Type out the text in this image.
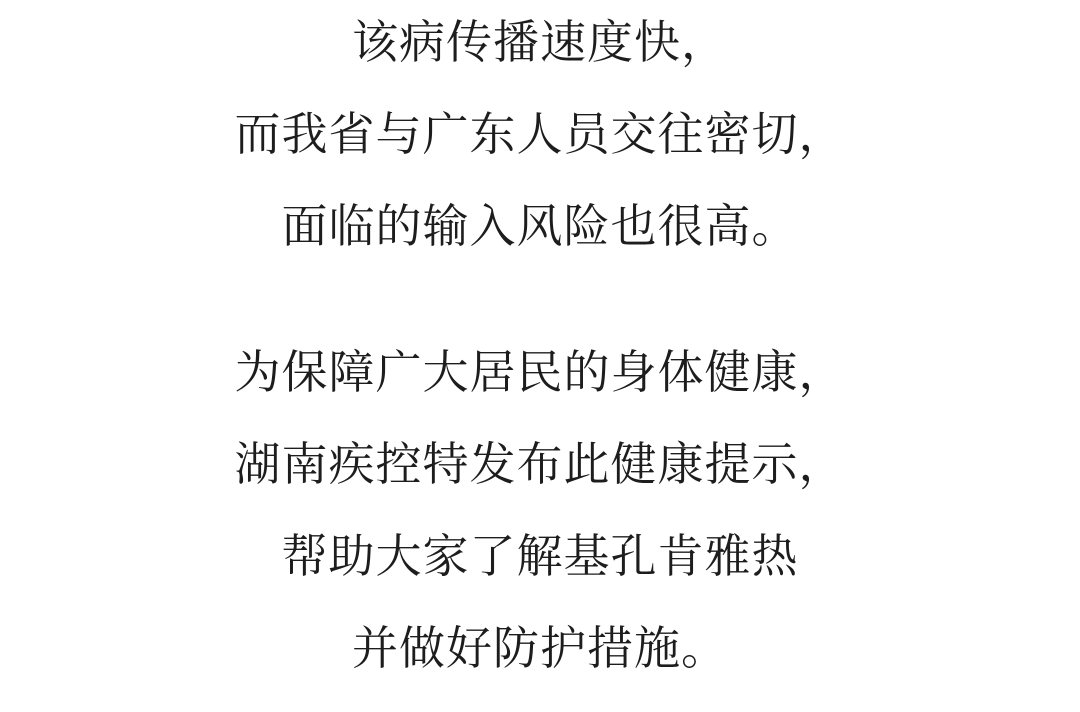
该病传播速度快，
而我省与广东人员交往密切，
面临的输入风险也很高。
为保障广大居民的身体健康，
湖南疾控特发布此健康提示，
帮助大家了解基孔肯雅热
并做好防护措施。
